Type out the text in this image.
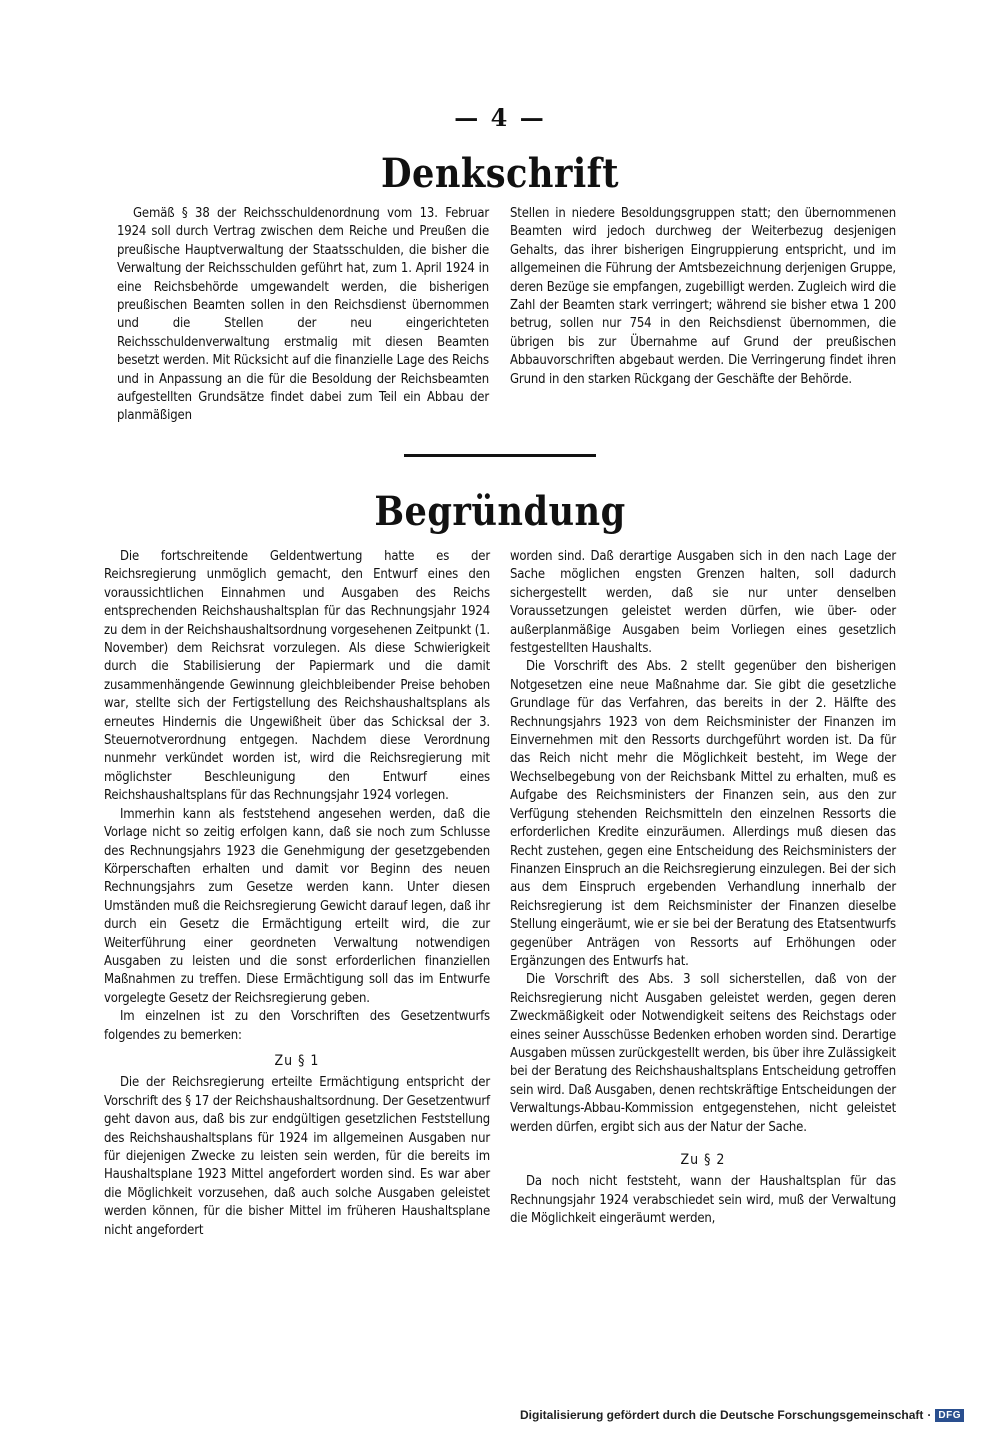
— 4 —
Denkschrift

Gemäß § 38 der Reichsschuldenordnung vom 13. Februar 1924 soll durch Vertrag zwischen dem Reiche und Preußen die preußische Hauptverwaltung der Staatsschulden, die bisher die Verwaltung der Reichsschulden geführt hat, zum 1. April 1924 in eine Reichsbehörde umgewandelt werden, die bisherigen preußischen Beamten sollen in den Reichsdienst übernommen und die Stellen der neu eingerichteten Reichsschuldenverwaltung erstmalig mit diesen Beamten besetzt werden. Mit Rücksicht auf die finanzielle Lage des Reichs und in Anpassung an die für die Besoldung der Reichsbeamten aufgestellten Grundsätze findet dabei zum Teil ein Abbau der planmäßigen

Stellen in niedere Besoldungsgruppen statt; den übernommenen Beamten wird jedoch durchweg der Weiterbezug desjenigen Gehalts, das ihrer bisherigen Eingruppierung entspricht, und im allgemeinen die Führung der Amtsbezeichnung derjenigen Gruppe, deren Bezüge sie empfangen, zugebilligt werden. Zugleich wird die Zahl der Beamten stark verringert; während sie bisher etwa 1 200 betrug, sollen nur 754 in den Reichsdienst übernommen, die übrigen bis zur Übernahme auf Grund der preußischen Abbauvorschriften abgebaut werden. Die Verringerung findet ihren Grund in den starken Rückgang der Geschäfte der Behörde.

Begründung

Die fortschreitende Geldentwertung hatte es der Reichsregierung unmöglich gemacht, den Entwurf eines den voraussichtlichen Einnahmen und Ausgaben des Reichs entsprechenden Reichshaushaltsplan für das Rechnungsjahr 1924 zu dem in der Reichshaushaltsordnung vorgesehenen Zeitpunkt (1. November) dem Reichsrat vorzulegen. Als diese Schwierigkeit durch die Stabilisierung der Papiermark und die damit zusammenhängende Gewinnung gleichbleibender Preise behoben war, stellte sich der Fertigstellung des Reichshaushaltsplans als erneutes Hindernis die Ungewißheit über das Schicksal der 3. Steuernotverordnung entgegen. Nachdem diese Verordnung nunmehr verkündet worden ist, wird die Reichsregierung mit möglichster Beschleunigung den Entwurf eines Reichshaushaltsplans für das Rechnungsjahr 1924 vorlegen.

Immerhin kann als feststehend angesehen werden, daß die Vorlage nicht so zeitig erfolgen kann, daß sie noch zum Schlusse des Rechnungsjahrs 1923 die Genehmigung der gesetzgebenden Körperschaften erhalten und damit vor Beginn des neuen Rechnungsjahrs zum Gesetze werden kann. Unter diesen Umständen muß die Reichsregierung Gewicht darauf legen, daß ihr durch ein Gesetz die Ermächtigung erteilt wird, die zur Weiterführung einer geordneten Verwaltung notwendigen Ausgaben zu leisten und die sonst erforderlichen finanziellen Maßnahmen zu treffen. Diese Ermächtigung soll das im Entwurfe vorgelegte Gesetz der Reichsregierung geben.

Im einzelnen ist zu den Vorschriften des Gesetzentwurfs folgendes zu bemerken:

Zu § 1

Die der Reichsregierung erteilte Ermächtigung entspricht der Vorschrift des § 17 der Reichshaushaltsordnung. Der Gesetzentwurf geht davon aus, daß bis zur endgültigen gesetzlichen Feststellung des Reichshaushaltsplans für 1924 im allgemeinen Ausgaben nur für diejenigen Zwecke zu leisten sein werden, für die bereits im Haushaltsplane 1923 Mittel angefordert worden sind. Es war aber die Möglichkeit vorzusehen, daß auch solche Ausgaben geleistet werden können, für die bisher Mittel im früheren Haushaltsplane nicht angefordert

worden sind. Daß derartige Ausgaben sich in den nach Lage der Sache möglichen engsten Grenzen halten, soll dadurch sichergestellt werden, daß sie nur unter denselben Voraussetzungen geleistet werden dürfen, wie über- oder außerplanmäßige Ausgaben beim Vorliegen eines gesetzlich festgestellten Haushalts.

Die Vorschrift des Abs. 2 stellt gegenüber den bisherigen Notgesetzen eine neue Maßnahme dar. Sie gibt die gesetzliche Grundlage für das Verfahren, das bereits in der 2. Hälfte des Rechnungsjahrs 1923 von dem Reichsminister der Finanzen im Einvernehmen mit den Ressorts durchgeführt worden ist. Da für das Reich nicht mehr die Möglichkeit besteht, im Wege der Wechselbegebung von der Reichsbank Mittel zu erhalten, muß es Aufgabe des Reichsministers der Finanzen sein, aus den zur Verfügung stehenden Reichsmitteln den einzelnen Ressorts die erforderlichen Kredite einzuräumen. Allerdings muß diesen das Recht zustehen, gegen eine Entscheidung des Reichsministers der Finanzen Einspruch an die Reichsregierung einzulegen. Bei der sich aus dem Einspruch ergebenden Verhandlung innerhalb der Reichsregierung ist dem Reichsminister der Finanzen dieselbe Stellung eingeräumt, wie er sie bei der Beratung des Etatsentwurfs gegenüber Anträgen von Ressorts auf Erhöhungen oder Ergänzungen des Entwurfs hat.

Die Vorschrift des Abs. 3 soll sicherstellen, daß von der Reichsregierung nicht Ausgaben geleistet werden, gegen deren Zweckmäßigkeit oder Notwendigkeit seitens des Reichstags oder eines seiner Ausschüsse Bedenken erhoben worden sind. Derartige Ausgaben müssen zurückgestellt werden, bis über ihre Zulässigkeit bei der Beratung des Reichshaushaltsplans Entscheidung getroffen sein wird. Daß Ausgaben, denen rechtskräftige Entscheidungen der Verwaltungs-Abbau-Kommission entgegenstehen, nicht geleistet werden dürfen, ergibt sich aus der Natur der Sache.

Zu § 2

Da noch nicht feststeht, wann der Haushaltsplan für das Rechnungsjahr 1924 verabschiedet sein wird, muß der Verwaltung die Möglichkeit eingeräumt werden,

Digitalisierung gefördert durch die Deutsche Forschungsgemeinschaft · DFG
